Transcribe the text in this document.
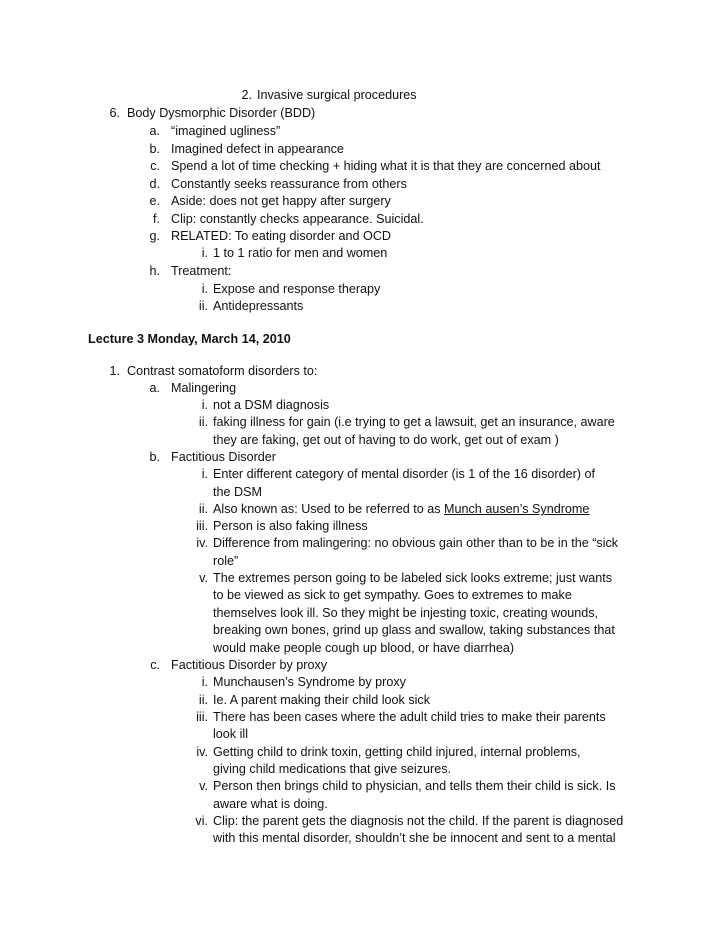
2. Invasive surgical procedures
6. Body Dysmorphic Disorder (BDD)
a. “imagined ugliness”
b. Imagined defect in appearance
c. Spend a lot of time checking + hiding what it is that they are concerned about
d. Constantly seeks reassurance from others
e. Aside: does not get happy after surgery
f. Clip: constantly checks appearance. Suicidal.
g. RELATED: To eating disorder and OCD
i. 1 to 1 ratio for men and women
h. Treatment:
i. Expose and response therapy
ii. Antidepressants
Lecture 3 Monday, March 14, 2010
1. Contrast somatoform disorders to:
a. Malingering
i. not a DSM diagnosis
ii. faking illness for gain (i.e trying to get a lawsuit, get an insurance, aware
they are faking, get out of having to do work, get out of exam )
b. Factitious Disorder
i. Enter different category of mental disorder (is 1 of the 16 disorder) of
the DSM
ii. Also known as: Used to be referred to as Munch ausen’s Syndrome
iii. Person is also faking illness
iv. Difference from malingering: no obvious gain other than to be in the “sick
role”
v. The extremes person going to be labeled sick looks extreme; just wants
to be viewed as sick to get sympathy. Goes to extremes to make
themselves look ill. So they might be injesting toxic, creating wounds,
breaking own bones, grind up glass and swallow, taking substances that
would make people cough up blood, or have diarrhea)
c. Factitious Disorder by proxy
i. Munchausen’s Syndrome by proxy
ii. Ie. A parent making their child look sick
iii. There has been cases where the adult child tries to make their parents
look ill
iv. Getting child to drink toxin, getting child injured, internal problems,
giving child medications that give seizures.
v. Person then brings child to physician, and tells them their child is sick. Is
aware what is doing.
vi. Clip: the parent gets the diagnosis not the child. If the parent is diagnosed
with this mental disorder, shouldn’t she be innocent and sent to a mental
